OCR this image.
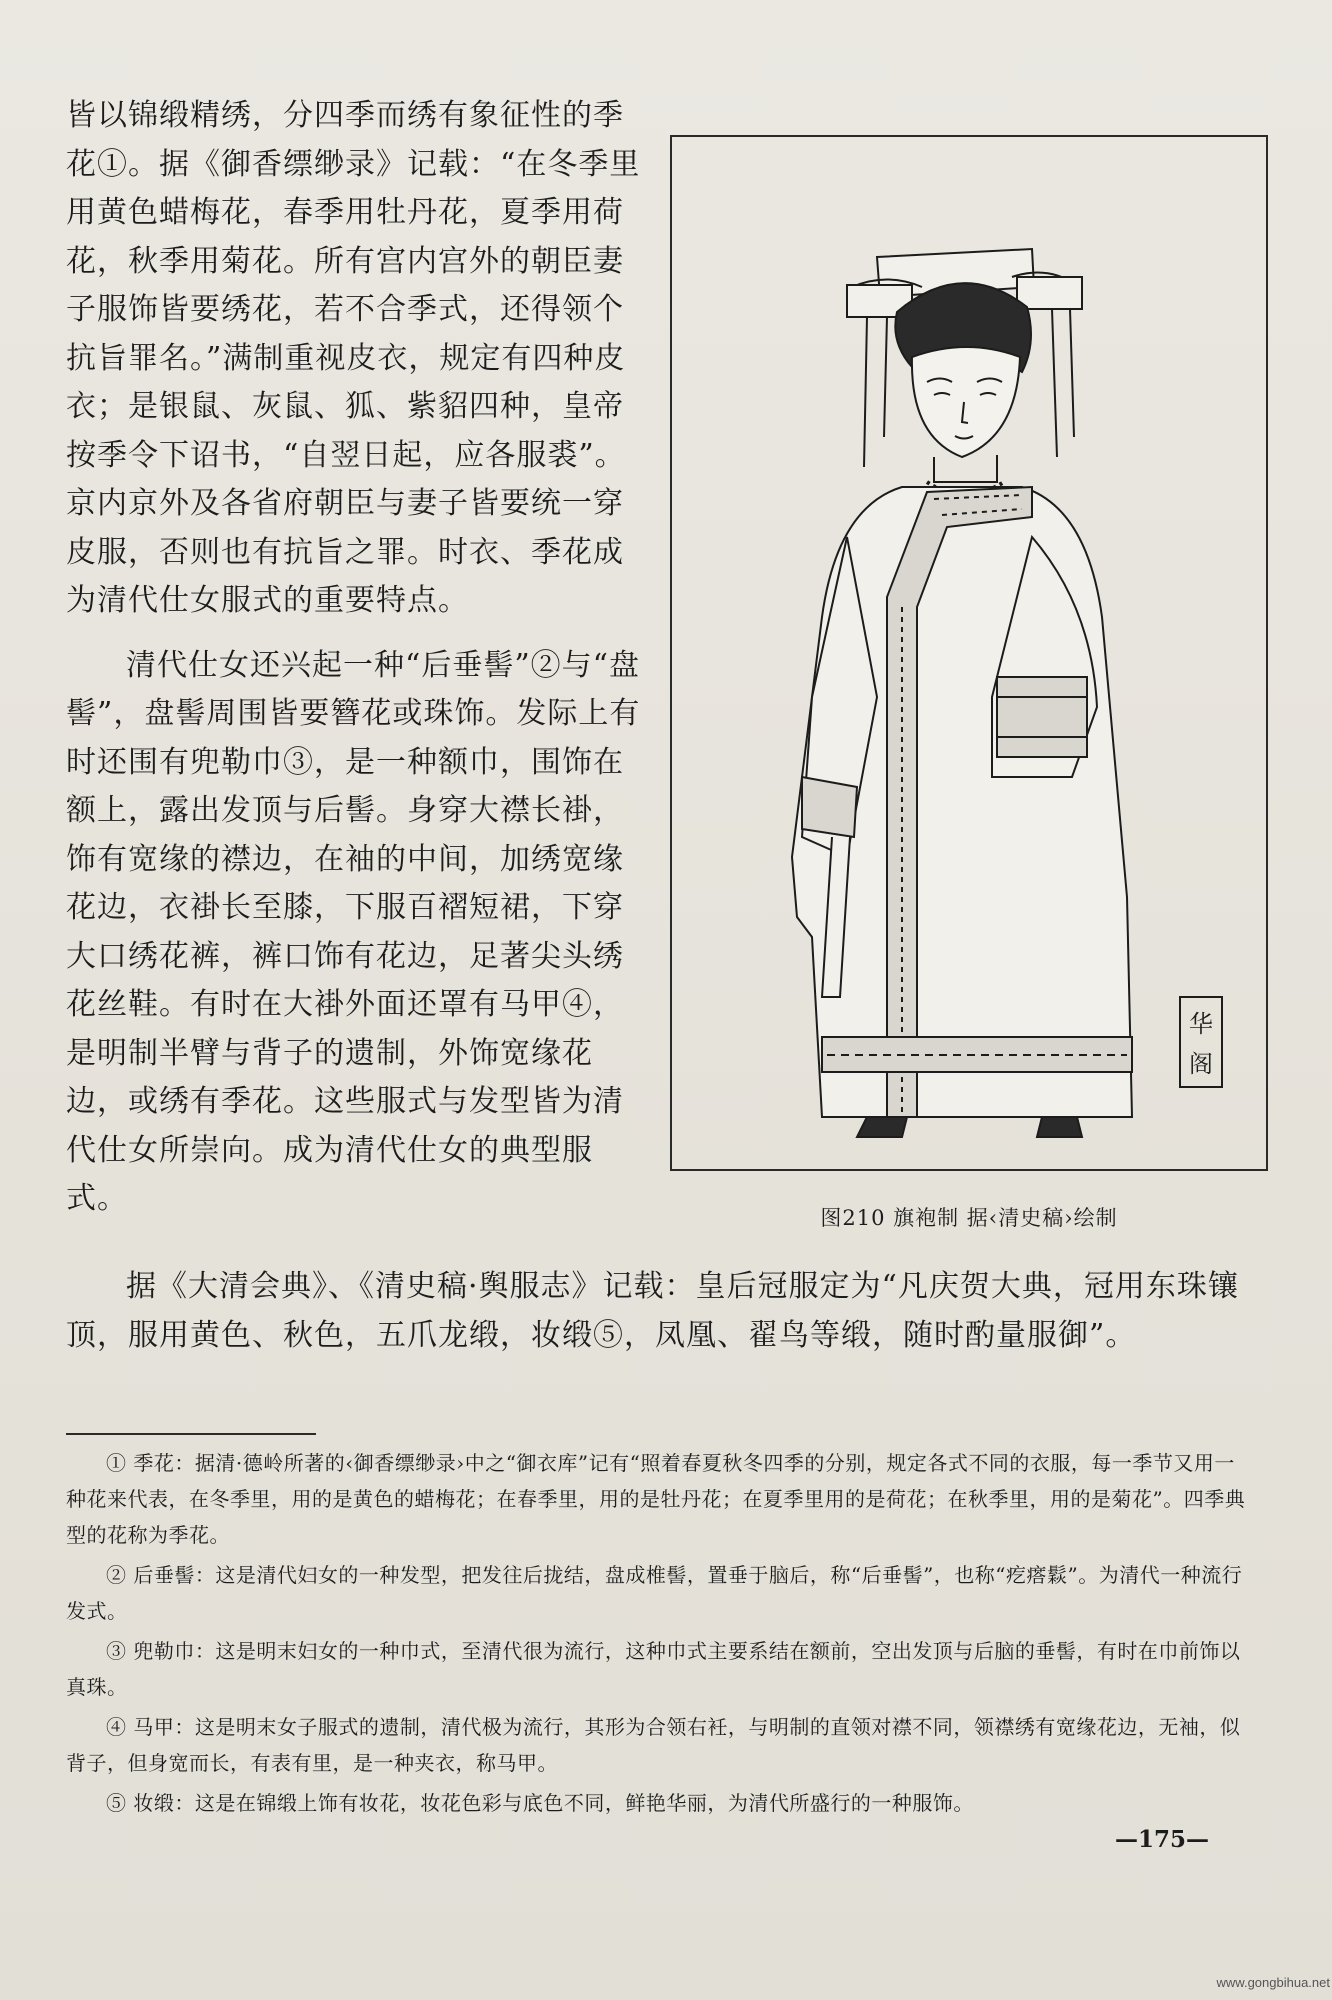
皆以锦缎精绣，分四季而绣有象征性的季花①。据《御香缥缈录》记载：“在冬季里用黄色蜡梅花，春季用牡丹花，夏季用荷花，秋季用菊花。所有宫内宫外的朝臣妻子服饰皆要绣花，若不合季式，还得领个抗旨罪名。”满制重视皮衣，规定有四种皮衣；是银鼠、灰鼠、狐、紫貂四种，皇帝按季令下诏书，“自翌日起，应各服裘”。京内京外及各省府朝臣与妻子皆要统一穿皮服，否则也有抗旨之罪。时衣、季花成为清代仕女服式的重要特点。

清代仕女还兴起一种“后垂髻”②与“盘髻”，盘髻周围皆要簪花或珠饰。发际上有时还围有兜勒巾③，是一种额巾，围饰在额上，露出发顶与后髻。身穿大襟长褂，饰有宽缘的襟边，在袖的中间，加绣宽缘花边，衣褂长至膝，下服百褶短裙，下穿大口绣花裤，裤口饰有花边，足著尖头绣花丝鞋。有时在大褂外面还罩有马甲④，是明制半臂与背子的遗制，外饰宽缘花边，或绣有季花。这些服式与发型皆为清代仕女所崇向。成为清代仕女的典型服式。

华
阁
图210 旗袍制 据‹清史稿›绘制

据《大清会典》、《清史稿·舆服志》记载：皇后冠服定为“凡庆贺大典，冠用东珠镶顶，服用黄色、秋色，五爪龙缎，妆缎⑤，凤凰、翟鸟等缎，随时酌量服御”。

① 季花：据清·德岭所著的‹御香缥缈录›中之“御衣库”记有“照着春夏秋冬四季的分别，规定各式不同的衣服，每一季节又用一种花来代表，在冬季里，用的是黄色的蜡梅花；在春季里，用的是牡丹花；在夏季里用的是荷花；在秋季里，用的是菊花”。四季典型的花称为季花。

② 后垂髻：这是清代妇女的一种发型，把发往后拢结，盘成椎髻，置垂于脑后，称“后垂髻”，也称“疙瘩鬏”。为清代一种流行发式。

③ 兜勒巾：这是明末妇女的一种巾式，至清代很为流行，这种巾式主要系结在额前，空出发顶与后脑的垂髻，有时在巾前饰以真珠。

④ 马甲：这是明末女子服式的遗制，清代极为流行，其形为合领右衽，与明制的直领对襟不同，领襟绣有宽缘花边，无袖，似背子，但身宽而长，有表有里，是一种夹衣，称马甲。

⑤ 妆缎：这是在锦缎上饰有妆花，妆花色彩与底色不同，鲜艳华丽，为清代所盛行的一种服饰。

—175—
www.gongbihua.net
